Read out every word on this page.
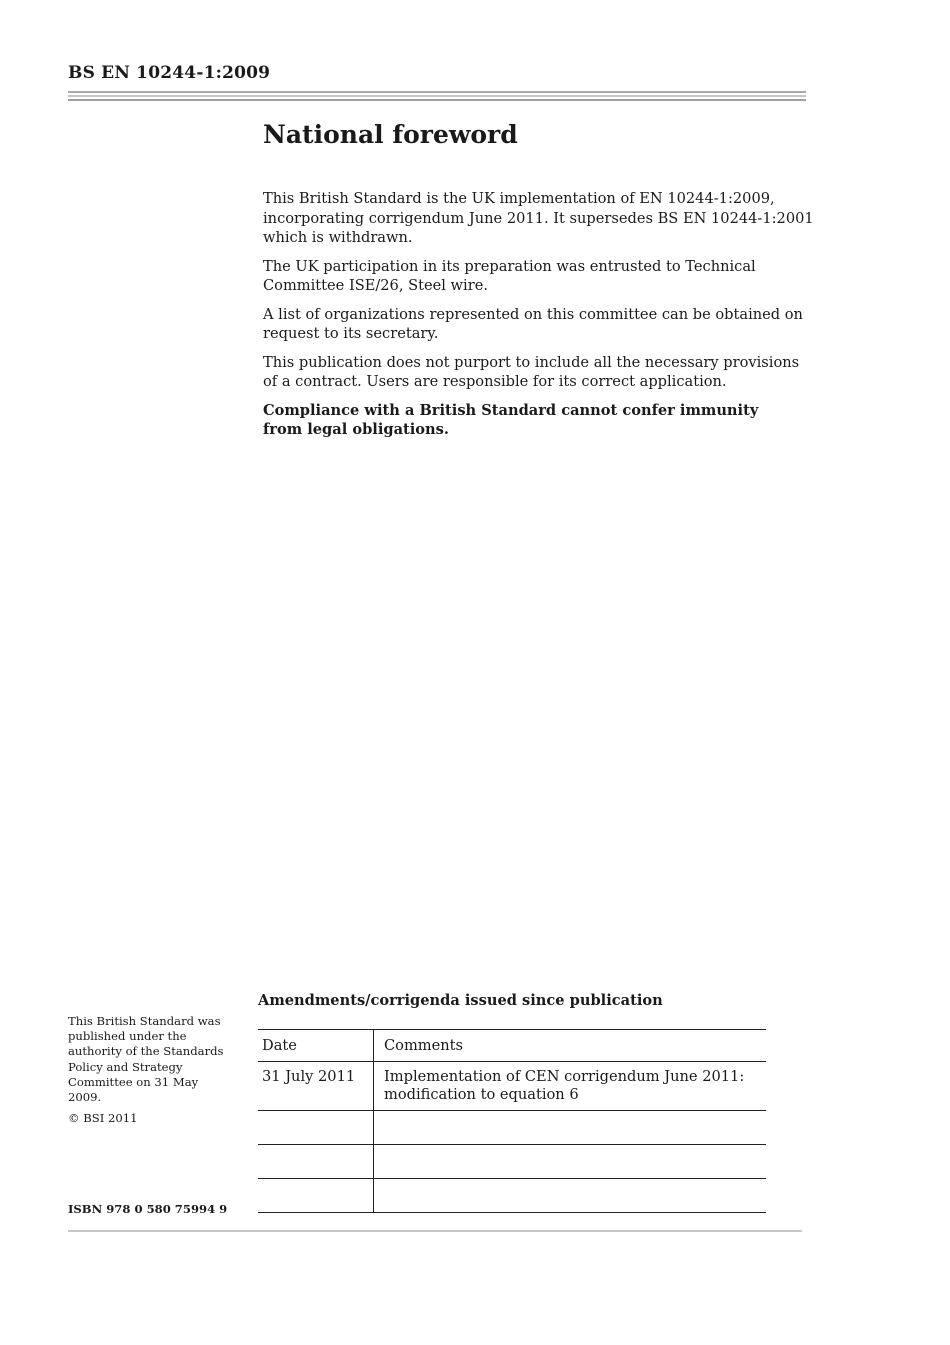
BS EN 10244-1:2009

National foreword

This British Standard is the UK implementation of EN 10244-1:2009, incorporating corrigendum June 2011. It supersedes BS EN 10244-1:2001 which is withdrawn.

The UK participation in its preparation was entrusted to Technical Committee ISE/26, Steel wire.

A list of organizations represented on this committee can be obtained on request to its secretary.

This publication does not purport to include all the necessary provisions of a contract. Users are responsible for its correct application.

Compliance with a British Standard cannot confer immunity from legal obligations.

This British Standard was published under the authority of the Standards Policy and Strategy Committee on 31 May 2009.

© BSI 2011

ISBN 978 0 580 75994 9

Amendments/corrigenda issued since publication

Date	Comments
31 July 2011	Implementation of CEN corrigendum June 2011: modification to equation 6
